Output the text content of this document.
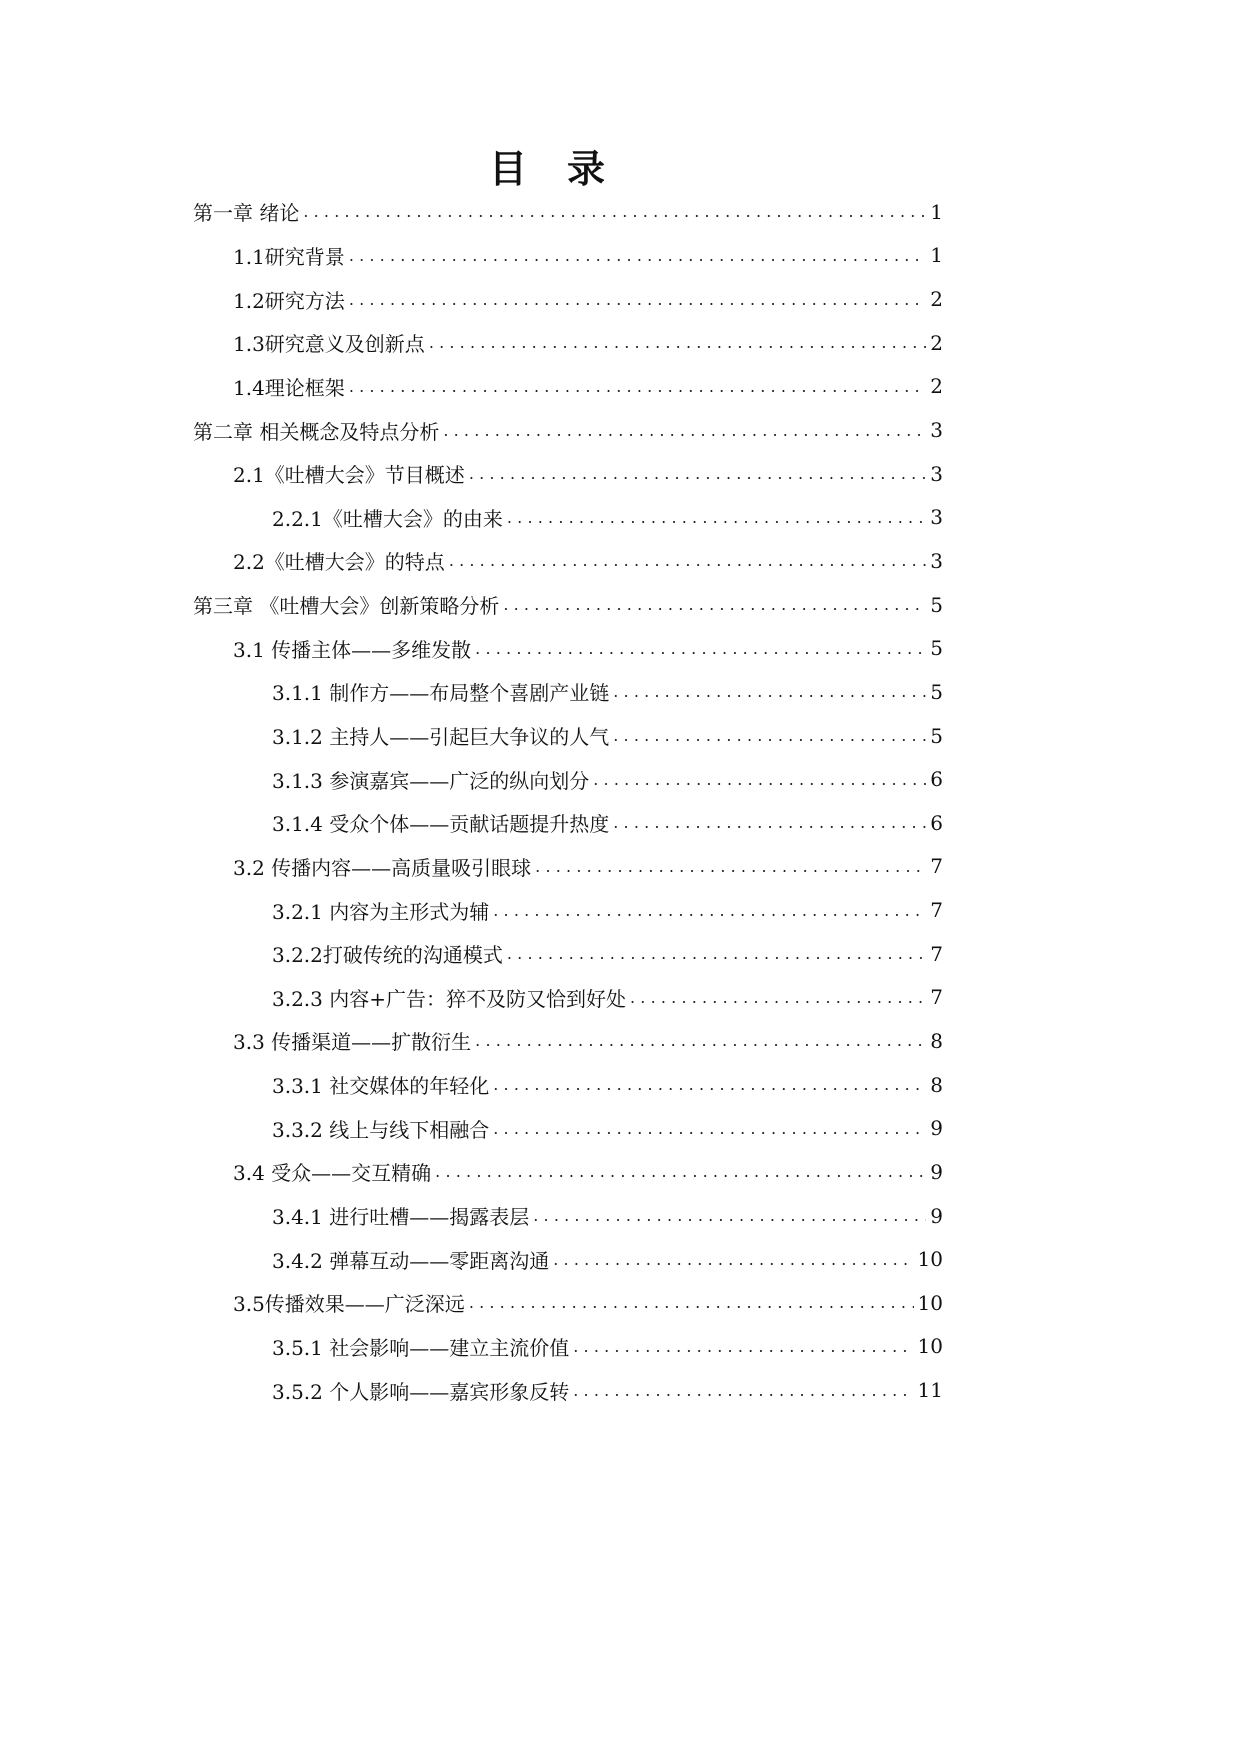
目录
第一章 绪论 .....	1
1.1研究背景 .....	1
1.2研究方法 .....	2
1.3研究意义及创新点 .....	2
1.4理论框架 .....	2
第二章 相关概念及特点分析 .....	3
2.1《吐槽大会》节目概述 .....	3
2.2.1《吐槽大会》的由来 .....	3
2.2《吐槽大会》的特点 .....	3
第三章 《吐槽大会》创新策略分析 .....	5
3.1 传播主体——多维发散 .....	5
3.1.1 制作方——布局整个喜剧产业链 .....	5
3.1.2 主持人——引起巨大争议的人气 .....	5
3.1.3 参演嘉宾——广泛的纵向划分 .....	6
3.1.4 受众个体——贡献话题提升热度 .....	6
3.2 传播内容——高质量吸引眼球 .....	7
3.2.1 内容为主形式为辅 .....	7
3.2.2打破传统的沟通模式 .....	7
3.2.3 内容+广告：猝不及防又恰到好处 .....	7
3.3 传播渠道——扩散衍生 .....	8
3.3.1 社交媒体的年轻化 .....	8
3.3.2 线上与线下相融合 .....	9
3.4 受众——交互精确 .....	9
3.4.1 进行吐槽——揭露表层 .....	9
3.4.2 弹幕互动——零距离沟通 .....	10
3.5传播效果——广泛深远 .....	10
3.5.1 社会影响——建立主流价值 .....	10
3.5.2 个人影响——嘉宾形象反转 .....	11
